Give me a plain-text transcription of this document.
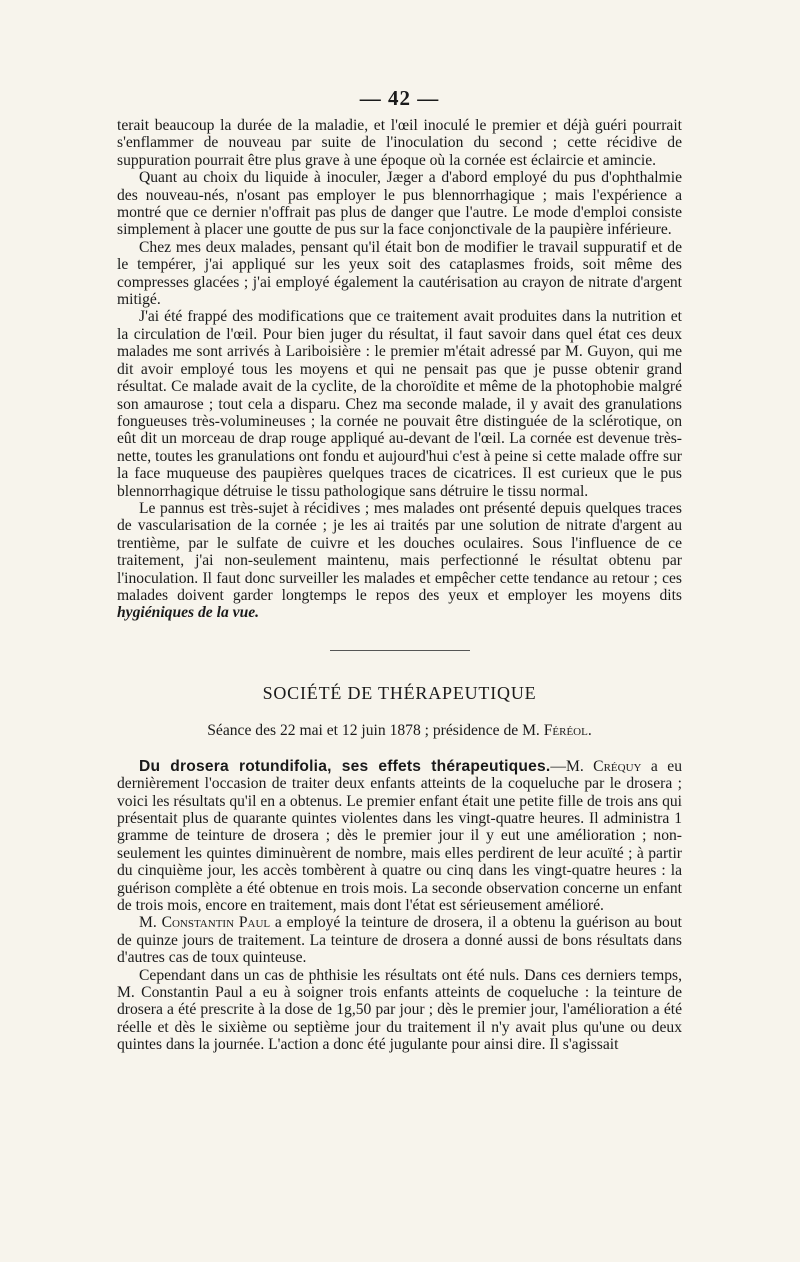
— 42 —

terait beaucoup la durée de la maladie, et l'œil inoculé le premier et déjà guéri pourrait s'enflammer de nouveau par suite de l'inoculation du second ; cette récidive de suppuration pourrait être plus grave à une époque où la cornée est éclaircie et amincie.

Quant au choix du liquide à inoculer, Jæger a d'abord employé du pus d'ophthalmie des nouveau-nés, n'osant pas employer le pus blennorrhagique ; mais l'expérience a montré que ce dernier n'offrait pas plus de danger que l'autre. Le mode d'emploi consiste simplement à placer une goutte de pus sur la face conjonctivale de la paupière inférieure.

Chez mes deux malades, pensant qu'il était bon de modifier le travail suppuratif et de le tempérer, j'ai appliqué sur les yeux soit des cataplasmes froids, soit même des compresses glacées ; j'ai employé également la cautérisation au crayon de nitrate d'argent mitigé.

J'ai été frappé des modifications que ce traitement avait produites dans la nutrition et la circulation de l'œil. Pour bien juger du résultat, il faut savoir dans quel état ces deux malades me sont arrivés à Lariboisière : le premier m'était adressé par M. Guyon, qui me dit avoir employé tous les moyens et qui ne pensait pas que je pusse obtenir grand résultat. Ce malade avait de la cyclite, de la choroïdite et même de la photophobie malgré son amaurose ; tout cela a disparu. Chez ma seconde malade, il y avait des granulations fongueuses très-volumineuses ; la cornée ne pouvait être distinguée de la sclérotique, on eût dit un morceau de drap rouge appliqué au-devant de l'œil. La cornée est devenue très-nette, toutes les granulations ont fondu et aujourd'hui c'est à peine si cette malade offre sur la face muqueuse des paupières quelques traces de cicatrices. Il est curieux que le pus blennorrhagique détruise le tissu pathologique sans détruire le tissu normal.

Le pannus est très-sujet à récidives ; mes malades ont présenté depuis quelques traces de vascularisation de la cornée ; je les ai traités par une solution de nitrate d'argent au trentième, par le sulfate de cuivre et les douches oculaires. Sous l'influence de ce traitement, j'ai non-seulement maintenu, mais perfectionné le résultat obtenu par l'inoculation. Il faut donc surveiller les malades et empêcher cette tendance au retour ; ces malades doivent garder longtemps le repos des yeux et employer les moyens dits hygiéniques de la vue.

SOCIÉTÉ DE THÉRAPEUTIQUE
Séance des 22 mai et 12 juin 1878 ; présidence de M. Féréol.

Du drosera rotundifolia, ses effets thérapeutiques.—M. Créquy a eu dernièrement l'occasion de traiter deux enfants atteints de la coqueluche par le drosera ; voici les résultats qu'il en a obtenus. Le premier enfant était une petite fille de trois ans qui présentait plus de quarante quintes violentes dans les vingt-quatre heures. Il administra 1 gramme de teinture de drosera ; dès le premier jour il y eut une amélioration ; non-seulement les quintes diminuèrent de nombre, mais elles perdirent de leur acuïté ; à partir du cinquième jour, les accès tombèrent à quatre ou cinq dans les vingt-quatre heures : la guérison complète a été obtenue en trois mois. La seconde observation concerne un enfant de trois mois, encore en traitement, mais dont l'état est sérieusement amélioré.

M. Constantin Paul a employé la teinture de drosera, il a obtenu la guérison au bout de quinze jours de traitement. La teinture de drosera a donné aussi de bons résultats dans d'autres cas de toux quinteuse.

Cependant dans un cas de phthisie les résultats ont été nuls. Dans ces derniers temps, M. Constantin Paul a eu à soigner trois enfants atteints de coqueluche : la teinture de drosera a été prescrite à la dose de 1g,50 par jour ; dès le premier jour, l'amélioration a été réelle et dès le sixième ou septième jour du traitement il n'y avait plus qu'une ou deux quintes dans la journée. L'action a donc été jugulante pour ainsi dire. Il s'agissait
